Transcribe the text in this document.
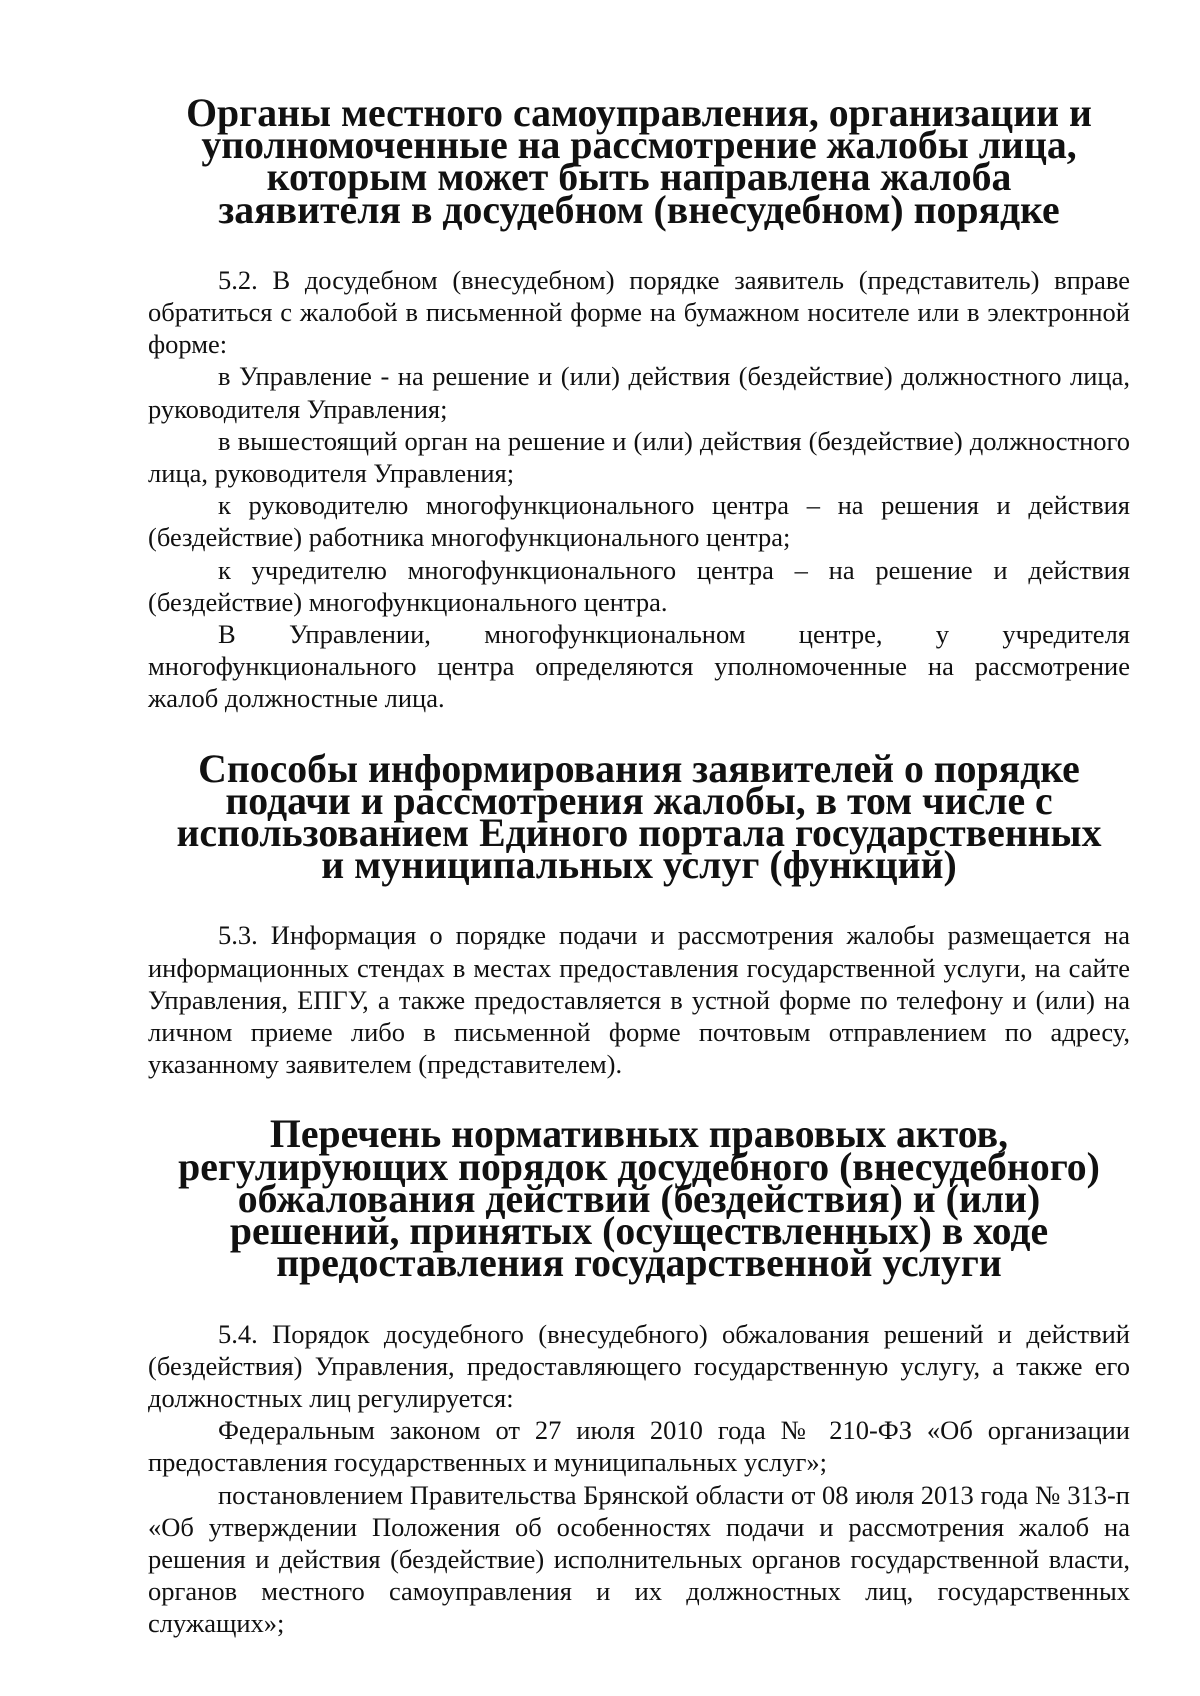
Органы местного самоуправления, организации и уполномоченные на рассмотрение жалобы лица, которым может быть направлена жалоба заявителя в досудебном (внесудебном) порядке

5.2. В досудебном (внесудебном) порядке заявитель (представитель) вправе обратиться с жалобой в письменной форме на бумажном носителе или в электронной форме:

в Управление - на решение и (или) действия (бездействие) должностного лица, руководителя Управления;

в вышестоящий орган на решение и (или) действия (бездействие) должностного лица, руководителя Управления;

к руководителю многофункционального центра – на решения и действия (бездействие) работника многофункционального центра;

к учредителю многофункционального центра – на решение и действия (бездействие) многофункционального центра.

В Управлении, многофункциональном центре, у учредителя многофункционального центра определяются уполномоченные на рассмотрение жалоб должностные лица.

Способы информирования заявителей о порядке подачи и рассмотрения жалобы, в том числе с использованием Единого портала государственных и муниципальных услуг (функций)

5.3. Информация о порядке подачи и рассмотрения жалобы размещается на информационных стендах в местах предоставления государственной услуги, на сайте Управления, ЕПГУ, а также предоставляется в устной форме по телефону и (или) на личном приеме либо в письменной форме почтовым отправлением по адресу, указанному заявителем (представителем).

Перечень нормативных правовых актов, регулирующих порядок досудебного (внесудебного) обжалования действий (бездействия) и (или) решений, принятых (осуществленных) в ходе предоставления государственной услуги

5.4. Порядок досудебного (внесудебного) обжалования решений и действий (бездействия) Управления, предоставляющего государственную услугу, а также его должностных лиц регулируется:

Федеральным законом от 27 июля 2010 года № 210-ФЗ «Об организации предоставления государственных и муниципальных услуг»;

постановлением Правительства Брянской области от 08 июля 2013 года № 313-п «Об утверждении Положения об особенностях подачи и рассмотрения жалоб на решения и действия (бездействие) исполнительных органов государственной власти, органов местного самоуправления и их должностных лиц, государственных служащих»;
